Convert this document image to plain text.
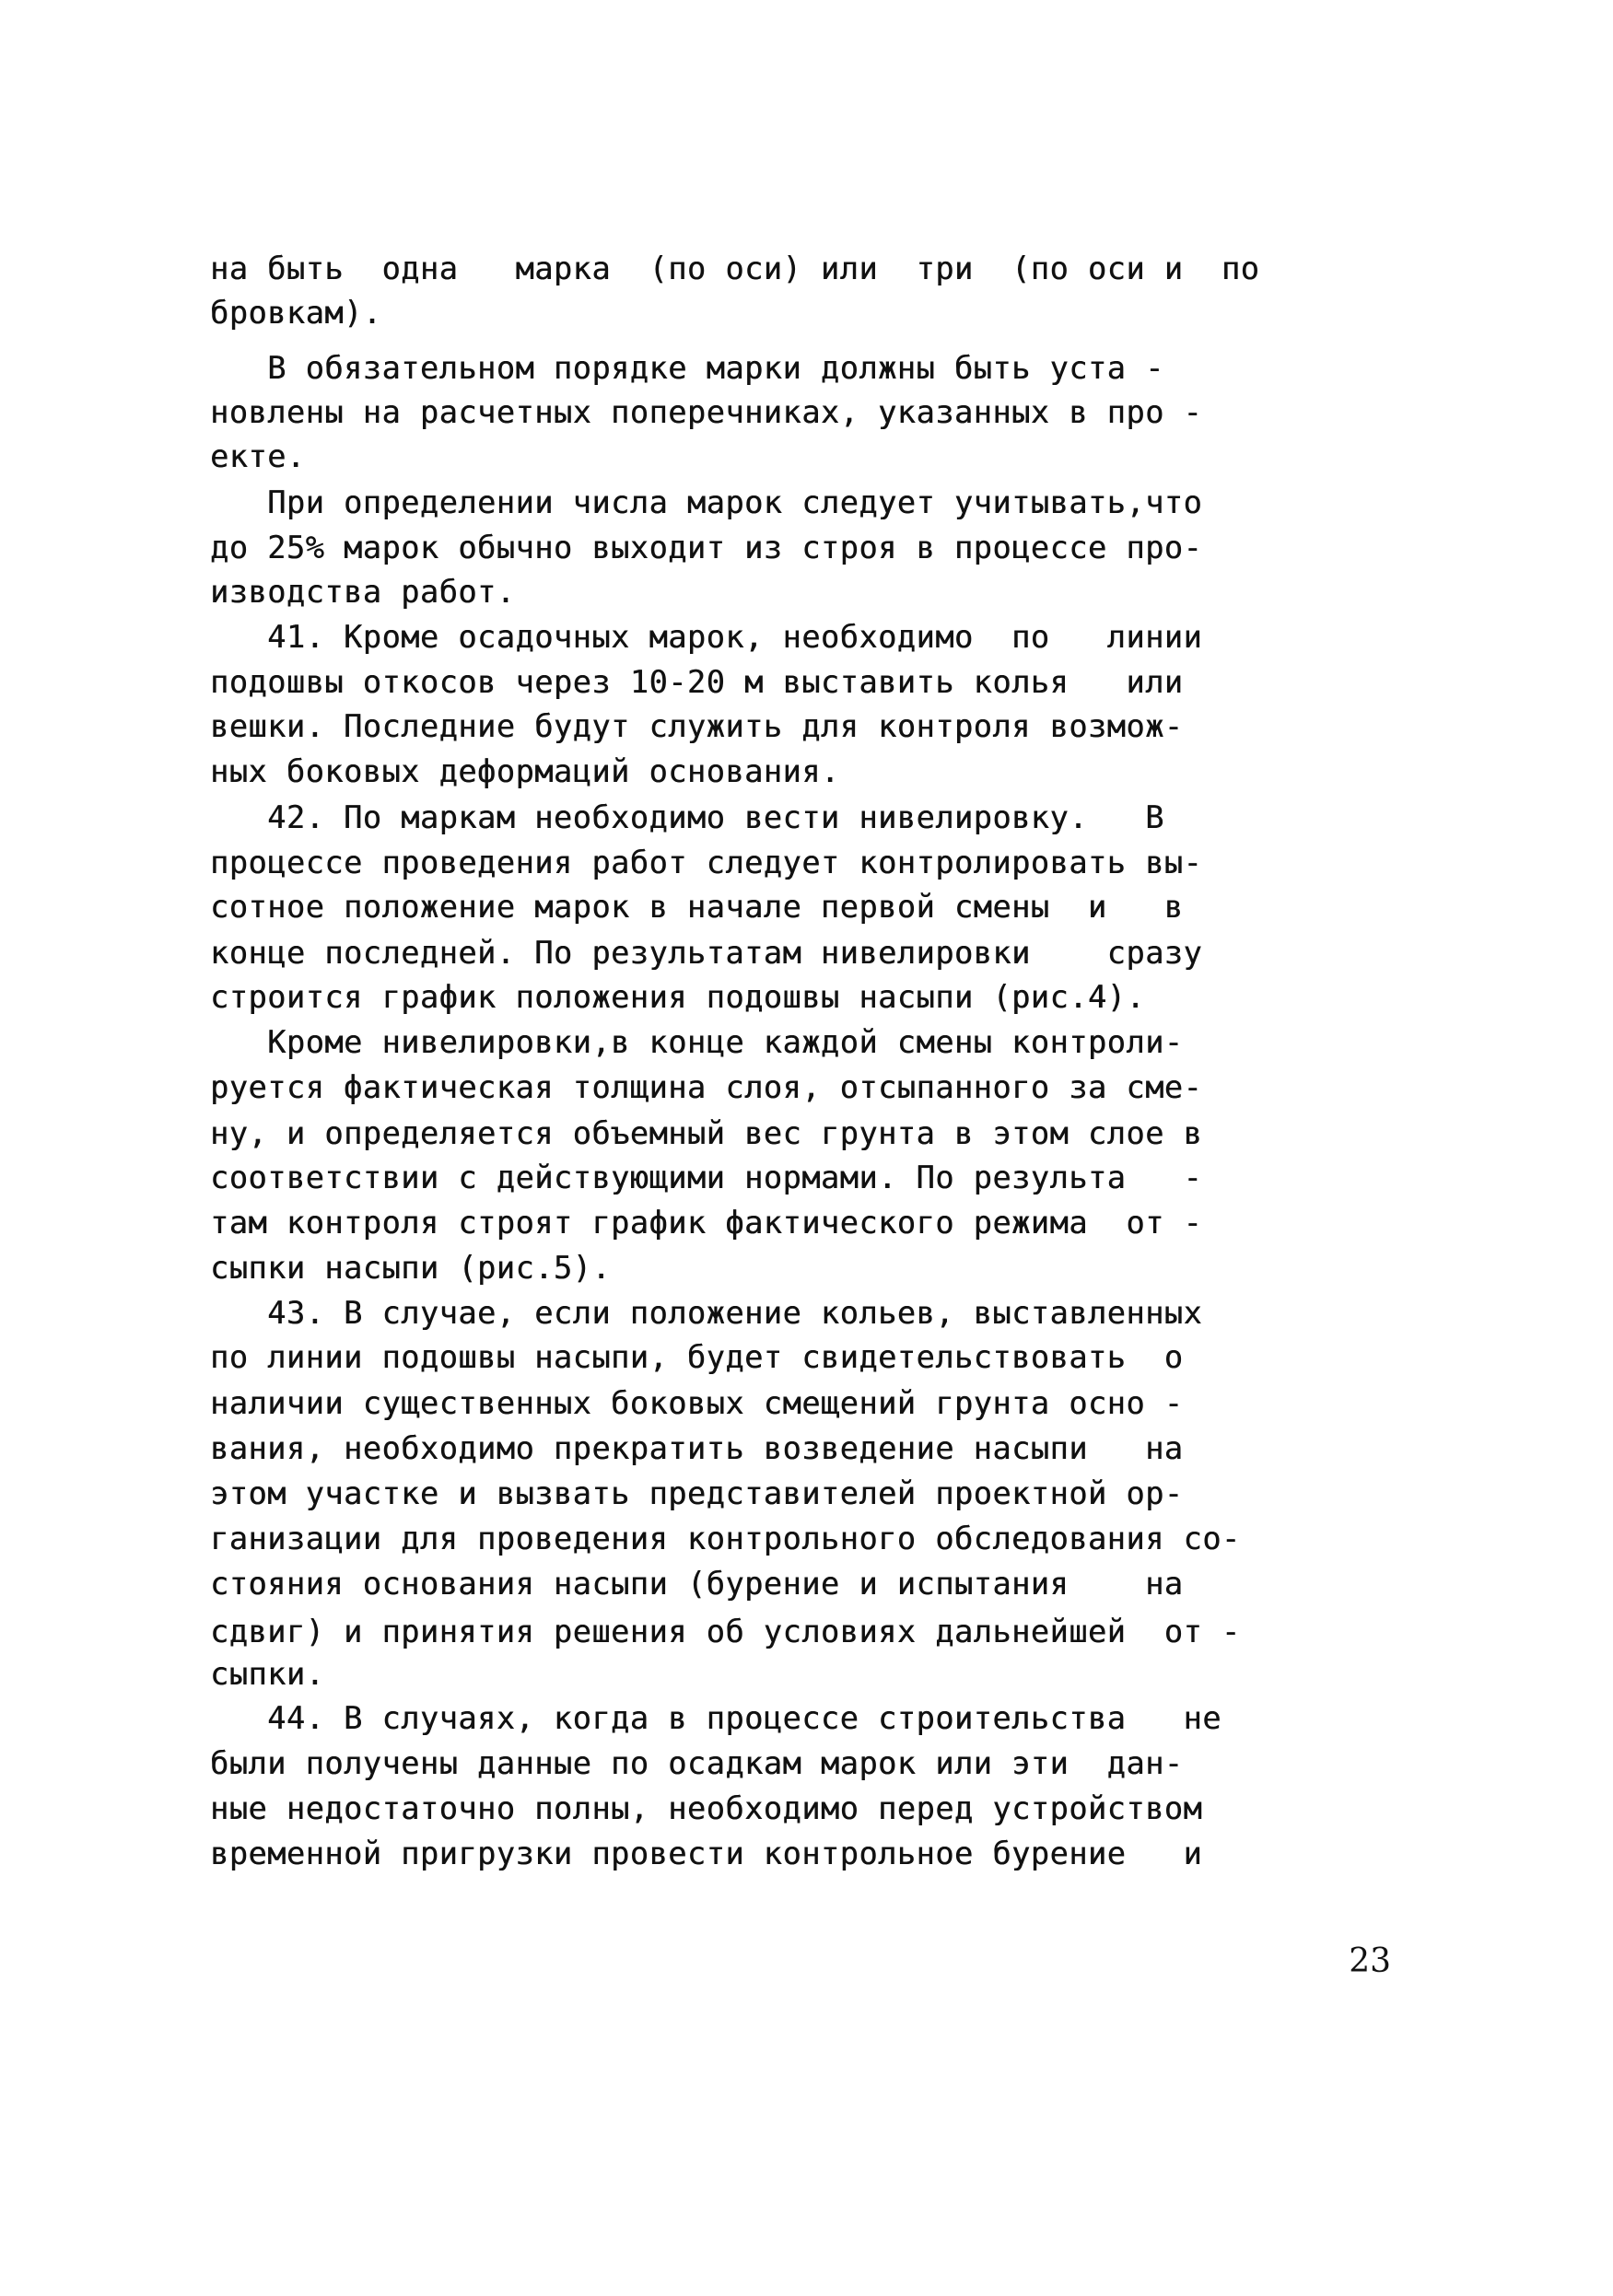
на быть  одна   марка  (по оси) или  три  (по оси и  по
бровкам).
В обязательном порядке марки должны быть уста -
новлены на расчетных поперечниках, указанных в про -
екте.
При определении числа марок следует учитывать,что
до 25% марок обычно выходит из строя в процессе про-
изводства работ.
41. Кроме осадочных марок, необходимо  по   линии
подошвы откосов через 10-20 м выставить колья   или
вешки. Последние будут служить для контроля возмож-
ных боковых деформаций основания.
42. По маркам необходимо вести нивелировку.   В
процессе проведения работ следует контролировать вы-
сотное положение марок в начале первой смены  и   в
конце последней. По результатам нивелировки    сразу
строится график положения подошвы насыпи (рис.4).
Кроме нивелировки,в конце каждой смены контроли-
руется фактическая толщина слоя, отсыпанного за сме-
ну, и определяется объемный вес грунта в этом слое в
соответствии с действующими нормами. По результа   -
там контроля строят график фактического режима  от -
сыпки насыпи (рис.5).
43. В случае, если положение кольев, выставленных
по линии подошвы насыпи, будет свидетельствовать  о
наличии существенных боковых смещений грунта осно -
вания, необходимо прекратить возведение насыпи   на
этом участке и вызвать представителей проектной ор-
ганизации для проведения контрольного обследования со-
стояния основания насыпи (бурение и испытания    на
сдвиг) и принятия решения об условиях дальнейшей  от -
сыпки.
44. В случаях, когда в процессе строительства   не
были получены данные по осадкам марок или эти  дан-
ные недостаточно полны, необходимо перед устройством
временной пригрузки провести контрольное бурение   и
23
